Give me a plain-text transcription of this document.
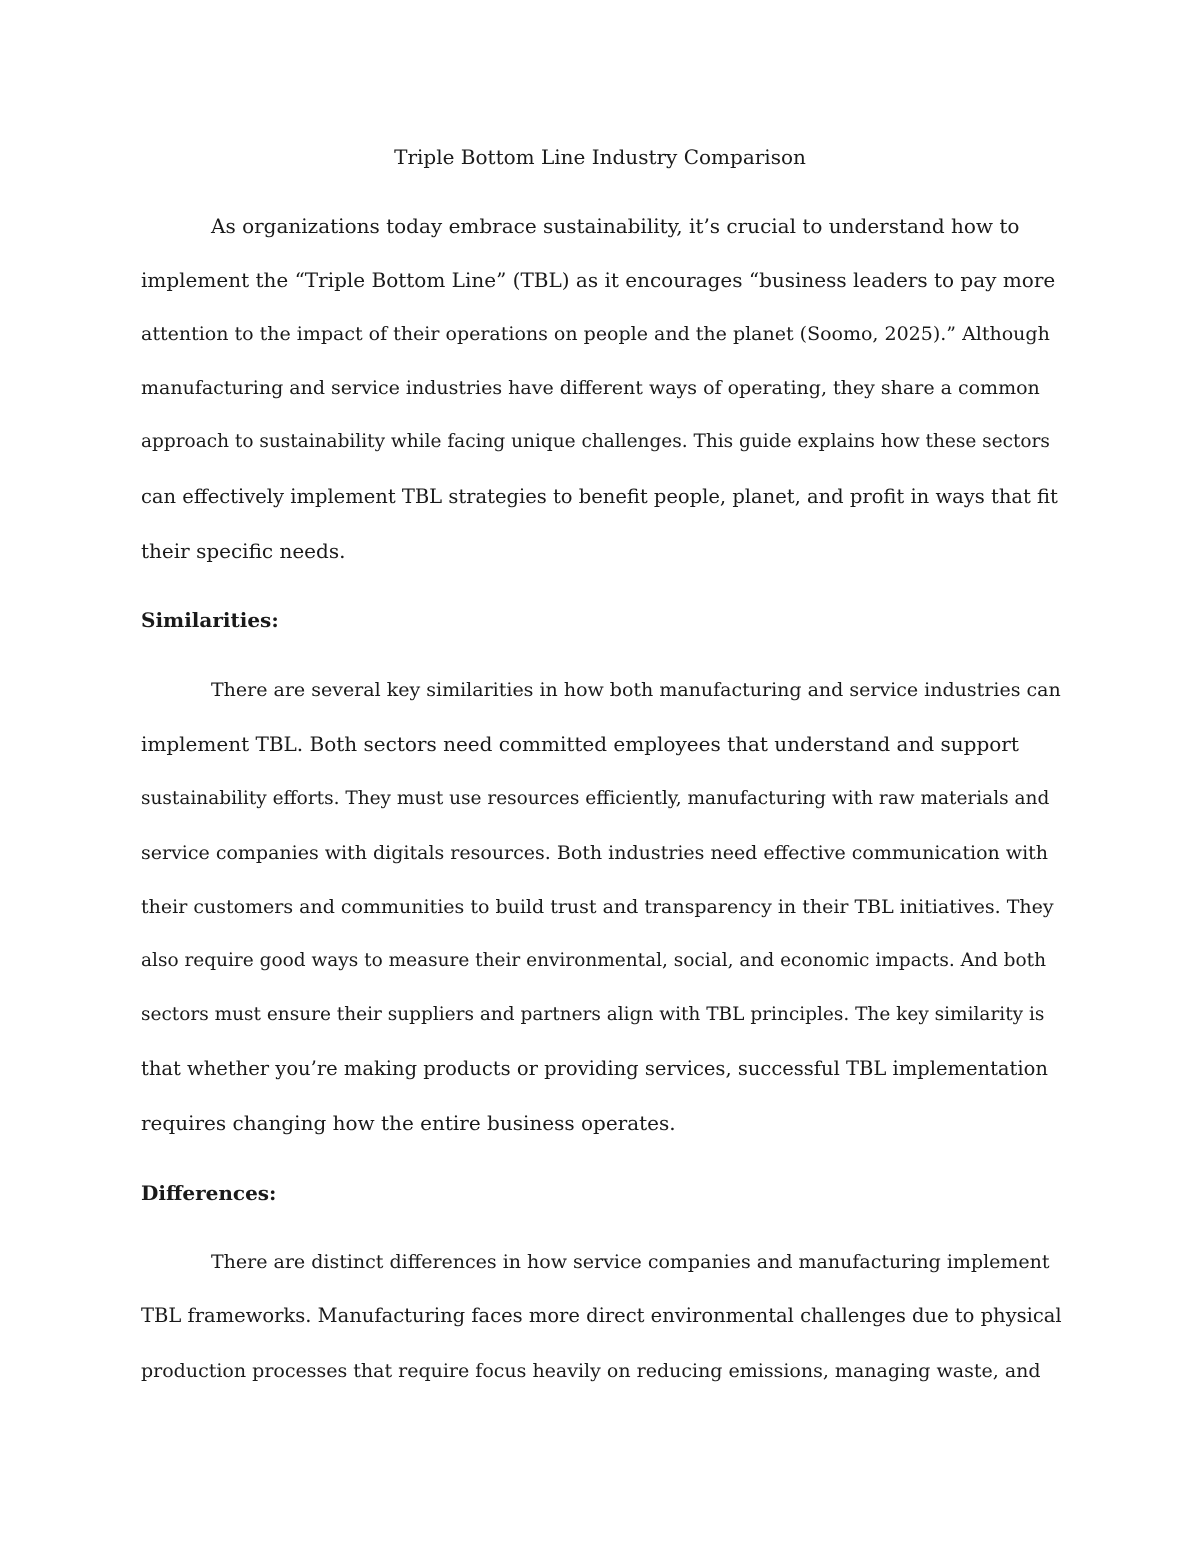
Triple Bottom Line Industry Comparison

As organizations today embrace sustainability, it’s crucial to understand how to

implement the “Triple Bottom Line” (TBL) as it encourages “business leaders to pay more

attention to the impact of their operations on people and the planet (Soomo, 2025).” Although

manufacturing and service industries have different ways of operating, they share a common

approach to sustainability while facing unique challenges. This guide explains how these sectors

can effectively implement TBL strategies to benefit people, planet, and profit in ways that fit

their specific needs.

Similarities:

There are several key similarities in how both manufacturing and service industries can

implement TBL. Both sectors need committed employees that understand and support

sustainability efforts. They must use resources efficiently, manufacturing with raw materials and

service companies with digitals resources. Both industries need effective communication with

their customers and communities to build trust and transparency in their TBL initiatives. They

also require good ways to measure their environmental, social, and economic impacts. And both

sectors must ensure their suppliers and partners align with TBL principles. The key similarity is

that whether you’re making products or providing services, successful TBL implementation

requires changing how the entire business operates.

Differences:

There are distinct differences in how service companies and manufacturing implement

TBL frameworks. Manufacturing faces more direct environmental challenges due to physical

production processes that require focus heavily on reducing emissions, managing waste, and
